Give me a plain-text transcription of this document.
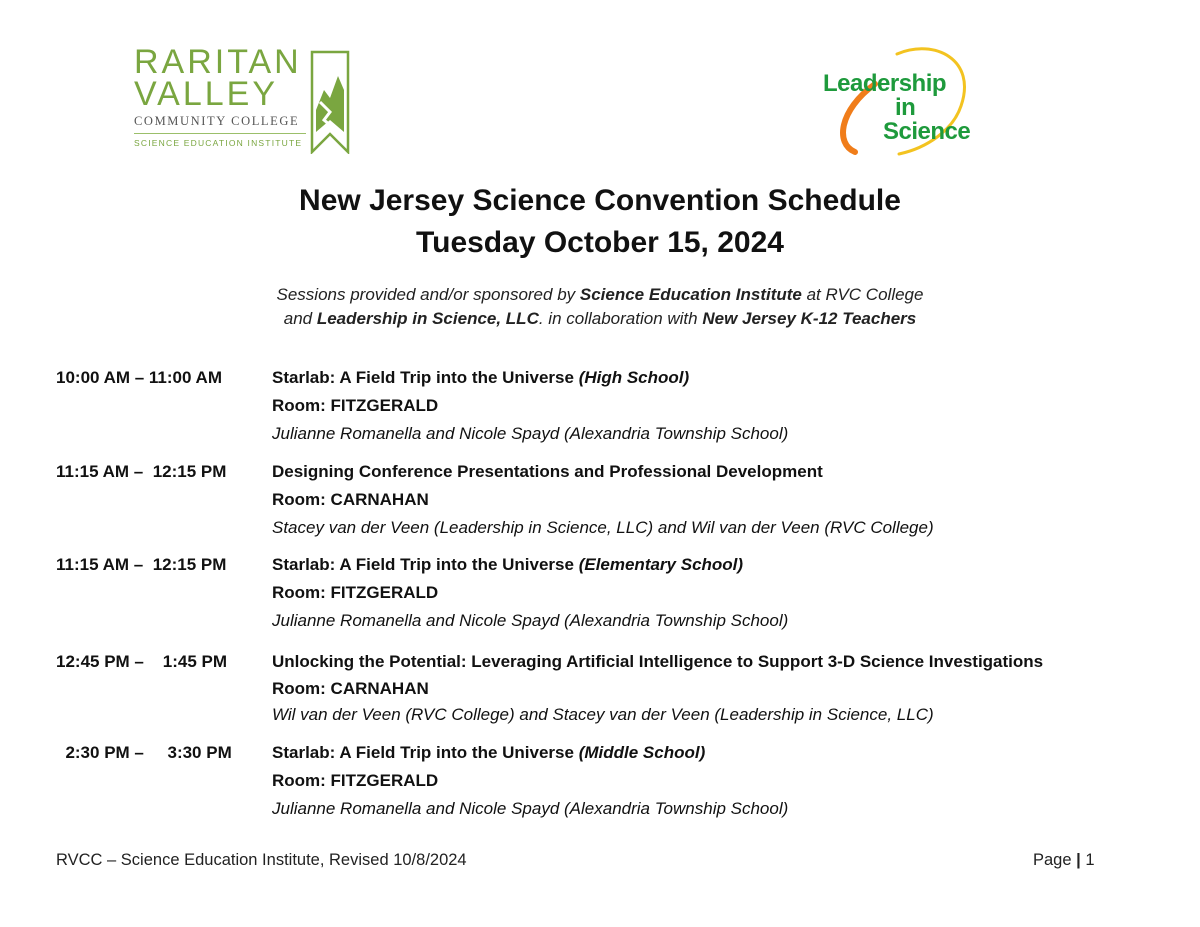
RARITAN
VALLEY
COMMUNITY COLLEGE
SCIENCE EDUCATION INSTITUTE
Leadership
in
Science
New Jersey Science Convention Schedule
Tuesday October 15, 2024
Sessions provided and/or sponsored by Science Education Institute at RVC College
and Leadership in Science, LLC. in collaboration with New Jersey K-12 Teachers
10:00 AM – 11:00 AM	Starlab: A Field Trip into the Universe (High School)
Room: FITZGERALD
Julianne Romanella and Nicole Spayd (Alexandria Township School)
11:15 AM –  12:15 PM	Designing Conference Presentations and Professional Development
Room: CARNAHAN
Stacey van der Veen (Leadership in Science, LLC) and Wil van der Veen (RVC College)
11:15 AM –  12:15 PM	Starlab: A Field Trip into the Universe (Elementary School)
Room: FITZGERALD
Julianne Romanella and Nicole Spayd (Alexandria Township School)
12:45 PM –    1:45 PM	Unlocking the Potential: Leveraging Artificial Intelligence to Support 3-D Science Investigations
Room: CARNAHAN
Wil van der Veen (RVC College) and Stacey van der Veen (Leadership in Science, LLC)
2:30 PM –     3:30 PM Starlab: A Field Trip into the Universe (Middle School)
Room: FITZGERALD
Julianne Romanella and Nicole Spayd (Alexandria Township School)
RVCC – Science Education Institute, Revised 10/8/2024	Page | 1
